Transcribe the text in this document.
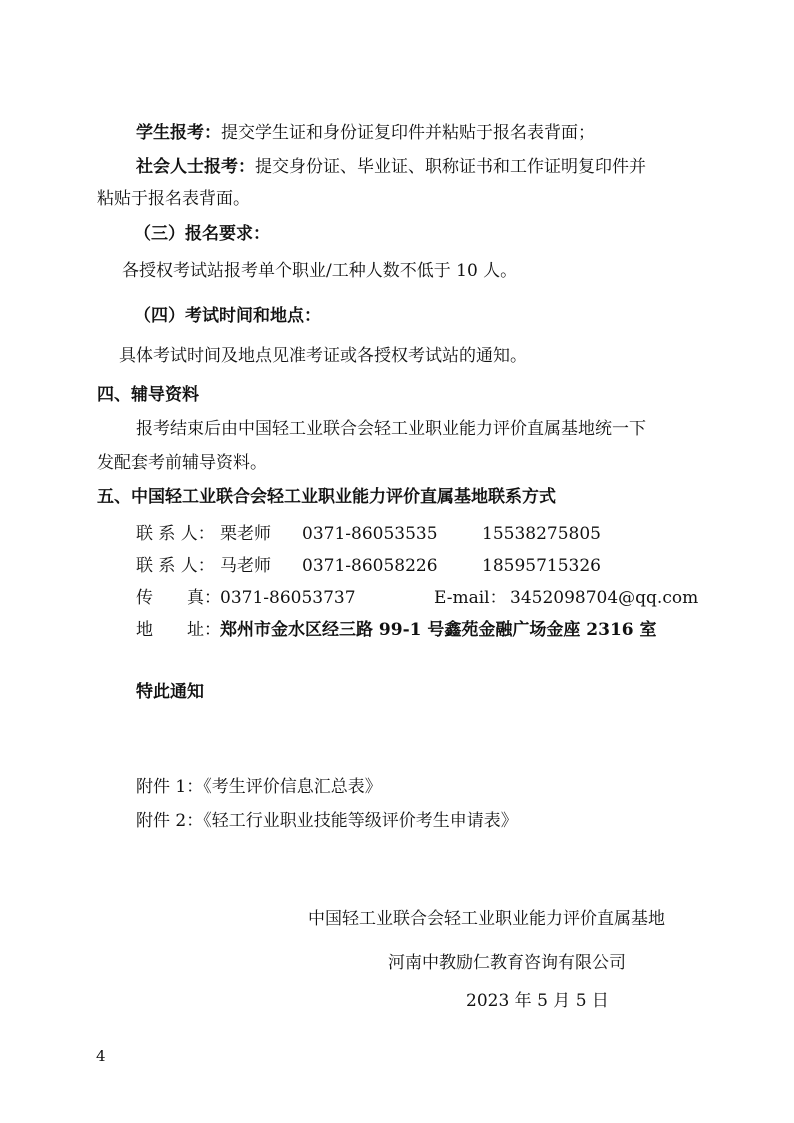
学生报考：提交学生证和身份证复印件并粘贴于报名表背面；
社会人士报考：提交身份证、毕业证、职称证书和工作证明复印件并
粘贴于报名表背面。
（三）报名要求：
各授权考试站报考单个职业/工种人数不低于 10 人。
（四）考试时间和地点：
具体考试时间及地点见准考证或各授权考试站的通知。
四、辅导资料
报考结束后由中国轻工业联合会轻工业职业能力评价直属基地统一下
发配套考前辅导资料。
五、中国轻工业联合会轻工业职业能力评价直属基地联系方式
联 系 人： 栗老师 0371-86053535	15538275805
联 系 人： 马老师 0371-86058226	18595715326
传　　真： 0371-86053737	E-mail： 3452098704@qq.com
地　　址： 郑州市金水区经三路 99-1 号鑫苑金融广场金座 2316 室
特此通知
附件 1：《考生评价信息汇总表》
附件 2：《轻工行业职业技能等级评价考生申请表》
中国轻工业联合会轻工业职业能力评价直属基地
河南中教励仁教育咨询有限公司
2023 年 5 月 5 日
4
